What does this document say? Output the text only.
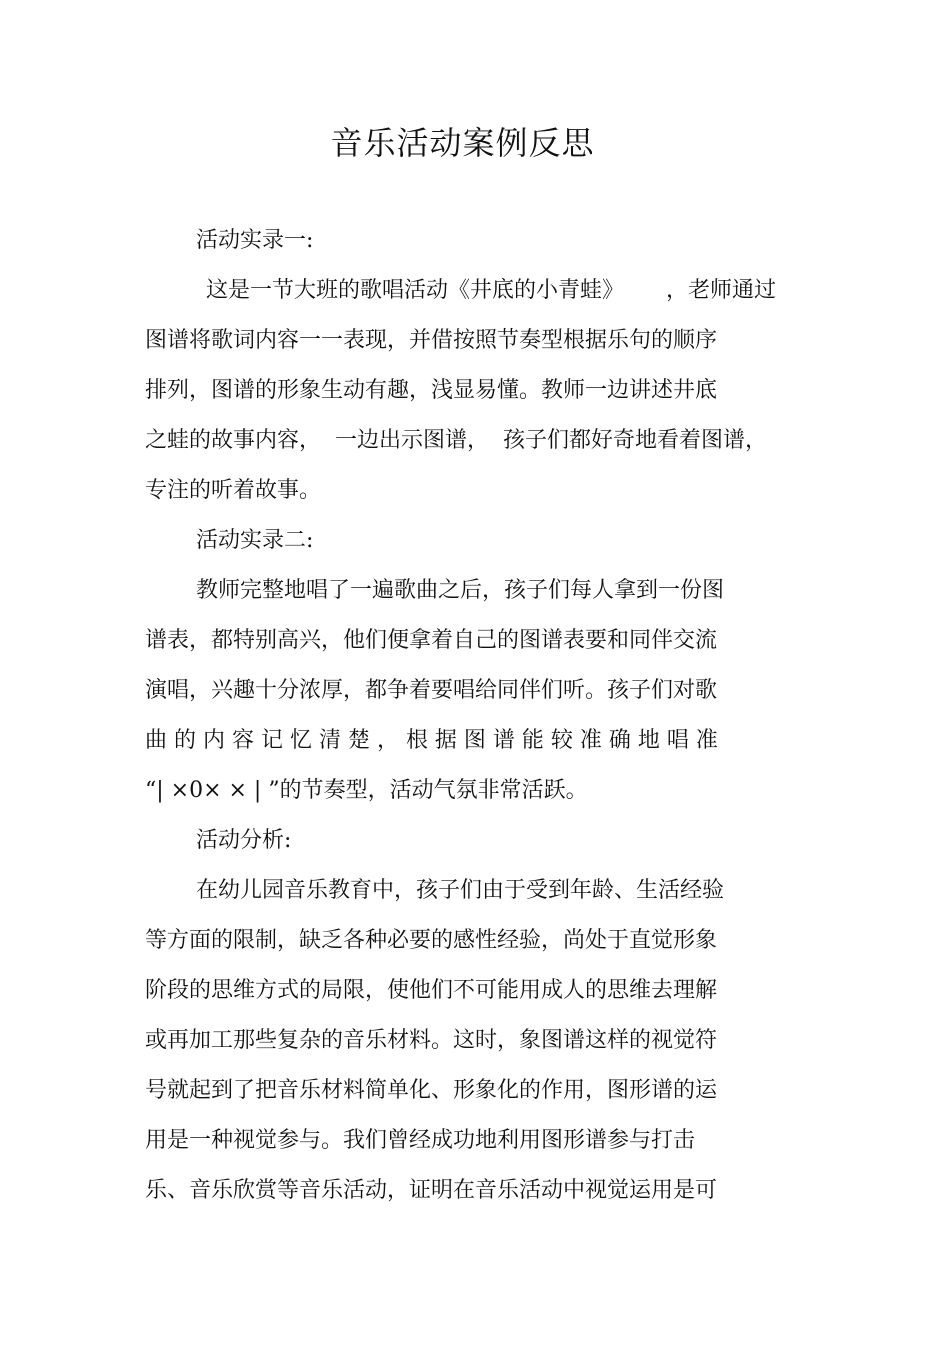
音乐活动案例反思

活动实录一:

这是一节大班的歌唱活动《井底的小青蛙》      ，老师通过

图谱将歌词内容一一表现，并借按照节奏型根据乐句的顺序

排列，图谱的形象生动有趣，浅显易懂。教师一边讲述井底

之蛙的故事内容，  一边出示图谱，  孩子们都好奇地看着图谱，

专注的听着故事。

活动实录二:

教师完整地唱了一遍歌曲之后，孩子们每人拿到一份图

谱表，都特别高兴，他们便拿着自己的图谱表要和同伴交流

演唱，兴趣十分浓厚，都争着要唱给同伴们听。孩子们对歌

曲 的 内 容 记 忆 清 楚 ， 根 据 图 谱 能 较 准 确 地 唱 准

“| ×0× × | ”的节奏型，活动气氛非常活跃。

活动分析:

在幼儿园音乐教育中，孩子们由于受到年龄、生活经验

等方面的限制，缺乏各种必要的感性经验，尚处于直觉形象

阶段的思维方式的局限，使他们不可能用成人的思维去理解

或再加工那些复杂的音乐材料。这时，象图谱这样的视觉符

号就起到了把音乐材料简单化、形象化的作用，图形谱的运

用是一种视觉参与。我们曾经成功地利用图形谱参与打击

乐、音乐欣赏等音乐活动，证明在音乐活动中视觉运用是可
